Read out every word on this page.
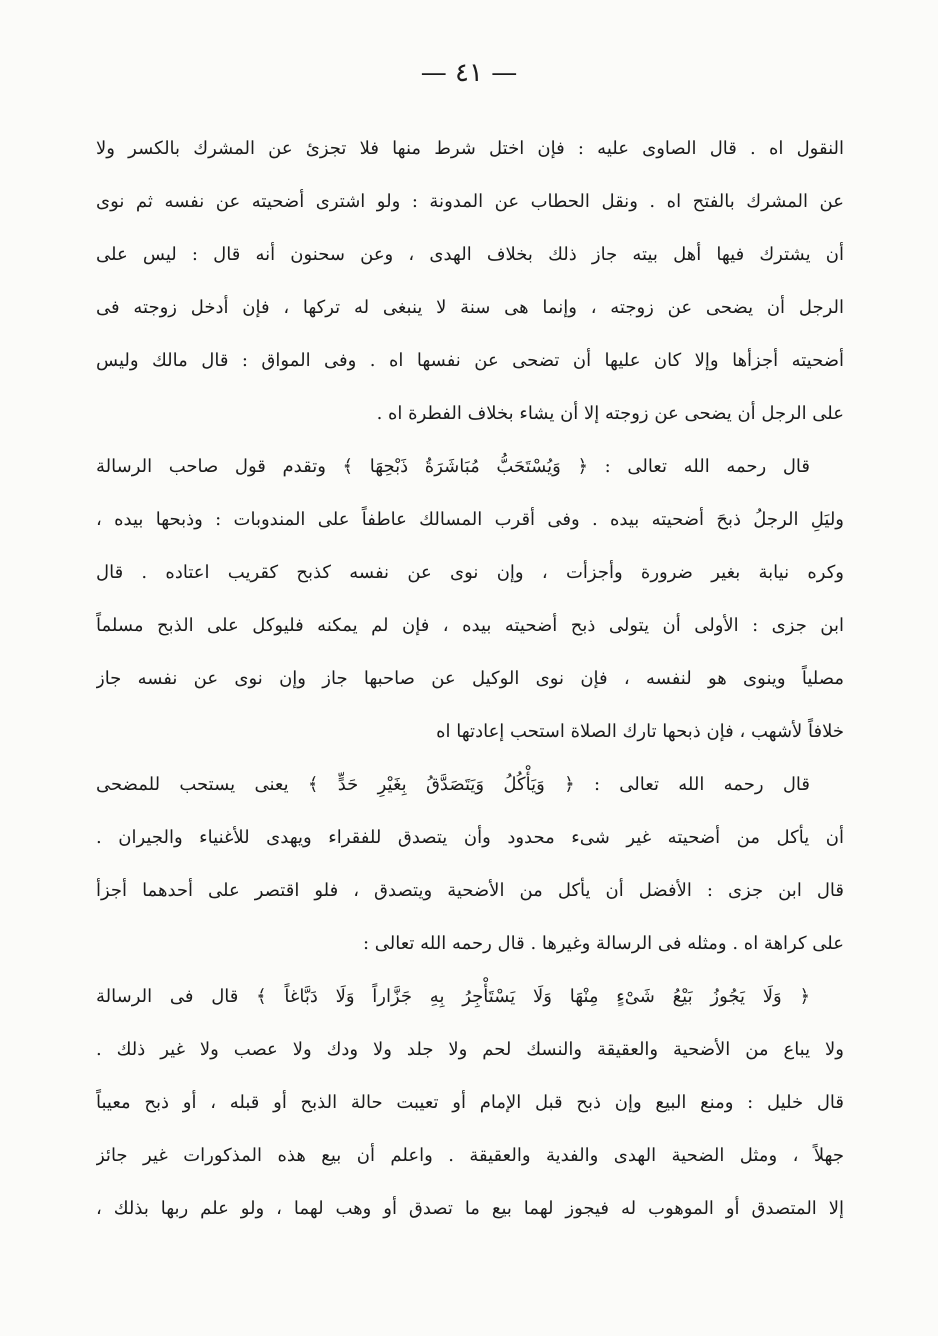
— ٤١ —
النقول اه . قال الصاوى عليه : فإن اختل شرط منها فلا تجزئ عن المشرك بالكسر ولا
عن المشرك بالفتح اه . ونقل الحطاب عن المدونة : ولو اشترى أضحيته عن نفسه ثم نوى
أن يشترك فيها أهل بيته جاز ذلك بخلاف الهدى ، وعن سحنون أنه قال : ليس على
الرجل أن يضحى عن زوجته ، وإنما هى سنة لا ينبغى له تركها ، فإن أدخل زوجته فى
أضحيته أجزأها وإلا كان عليها أن تضحى عن نفسها اه . وفى المواق : قال مالك وليس
على الرجل أن يضحى عن زوجته إلا أن يشاء بخلاف الفطرة اه .
قال رحمه الله تعالى : ﴿ وَيُسْتَحَبُّ مُبَاشَرَةُ ذَبْحِهَا ﴾ وتقدم قول صاحب الرسالة
وليَلِ الرجلُ ذبحَ أضحيته بيده . وفى أقرب المسالك عاطفاً على المندوبات : وذبحها بيده ،
وكره نيابة بغير ضرورة وأجزأت ، وإن نوى عن نفسه كذبح كقريب اعتاده . قال
ابن جزى : الأولى أن يتولى ذبح أضحيته بيده ، فإن لم يمكنه فليوكل على الذبح مسلماً
مصلياً وينوى هو لنفسه ، فإن نوى الوكيل عن صاحبها جاز وإن نوى عن نفسه جاز
خلافاً لأشهب ، فإن ذبحها تارك الصلاة استحب إعادتها اه
قال رحمه الله تعالى : ﴿ وَيَأْكُلُ وَيَتَصَدَّقُ بِغَيْرِ حَدٍّ ﴾ يعنى يستحب للمضحى
أن يأكل من أضحيته غير شىء محدود وأن يتصدق للفقراء ويهدى للأغنياء والجيران .
قال ابن جزى : الأفضل أن يأكل من الأضحية ويتصدق ، فلو اقتصر على أحدهما أجزأ
على كراهة اه . ومثله فى الرسالة وغيرها . قال رحمه الله تعالى :
﴿ وَلَا يَجُوزُ بَيْعُ شَىْءٍ مِنْهَا وَلَا يَسْتَأْجِرُ بِهِ جَزَّاراً وَلَا دَبَّاغاً ﴾ قال فى الرسالة
ولا يباع من الأضحية والعقيقة والنسك لحم ولا جلد ولا ودك ولا عصب ولا غير ذلك .
قال خليل : ومنع البيع وإن ذبح قبل الإمام أو تعيبت حالة الذبح أو قبله ، أو ذبح معيباً
جهلاً ، ومثل الضحية الهدى والفدية والعقيقة . واعلم أن بيع هذه المذكورات غير جائز
إلا المتصدق أو الموهوب له فيجوز لهما بيع ما تصدق أو وهب لهما ، ولو علم ربها بذلك ،
